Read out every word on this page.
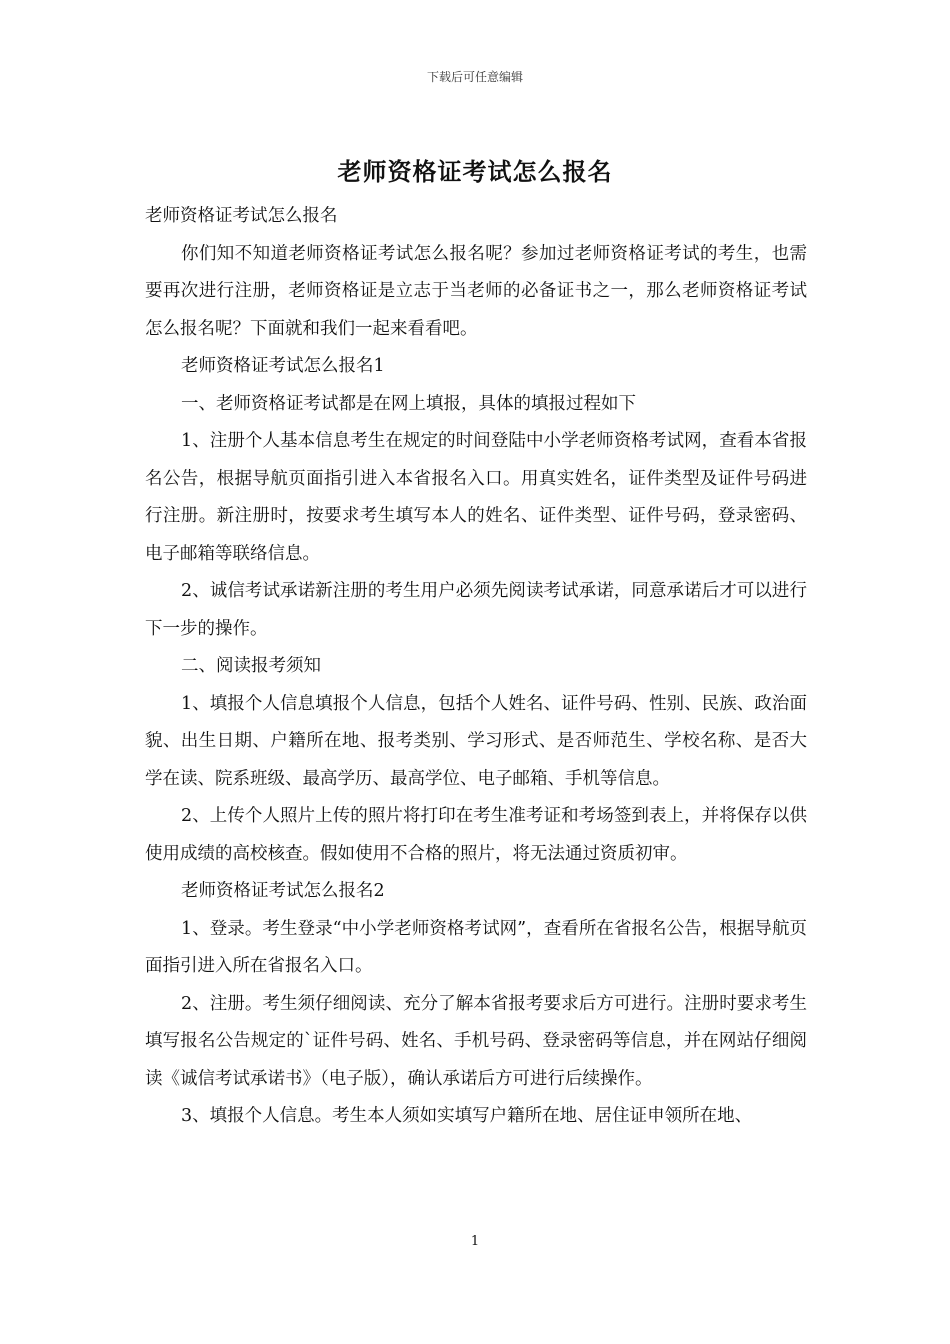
下载后可任意编辑
老师资格证考试怎么报名

老师资格证考试怎么报名

你们知不知道老师资格证考试怎么报名呢？参加过老师资格证考试的考生，也需要再次进行注册，老师资格证是立志于当老师的必备证书之一，那么老师资格证考试怎么报名呢？下面就和我们一起来看看吧。

老师资格证考试怎么报名1

一、老师资格证考试都是在网上填报，具体的填报过程如下

1、注册个人基本信息考生在规定的时间登陆中小学老师资格考试网，查看本省报名公告，根据导航页面指引进入本省报名入口。用真实姓名，证件类型及证件号码进行注册。新注册时，按要求考生填写本人的姓名、证件类型、证件号码，登录密码、电子邮箱等联络信息。

2、诚信考试承诺新注册的考生用户必须先阅读考试承诺，同意承诺后才可以进行下一步的操作。

二、阅读报考须知

1、填报个人信息填报个人信息，包括个人姓名、证件号码、性别、民族、政治面貌、出生日期、户籍所在地、报考类别、学习形式、是否师范生、学校名称、是否大学在读、院系班级、最高学历、最高学位、电子邮箱、手机等信息。

2、上传个人照片上传的照片将打印在考生准考证和考场签到表上，并将保存以供使用成绩的高校核查。假如使用不合格的照片，将无法通过资质初审。

老师资格证考试怎么报名2

1、登录。考生登录“中小学老师资格考试网”，查看所在省报名公告，根据导航页面指引进入所在省报名入口。

2、注册。考生须仔细阅读、充分了解本省报考要求后方可进行。注册时要求考生填写报名公告规定的`证件号码、姓名、手机号码、登录密码等信息，并在网站仔细阅读《诚信考试承诺书》（电子版），确认承诺后方可进行后续操作。

3、填报个人信息。考生本人须如实填写户籍所在地、居住证申领所在地、

1
